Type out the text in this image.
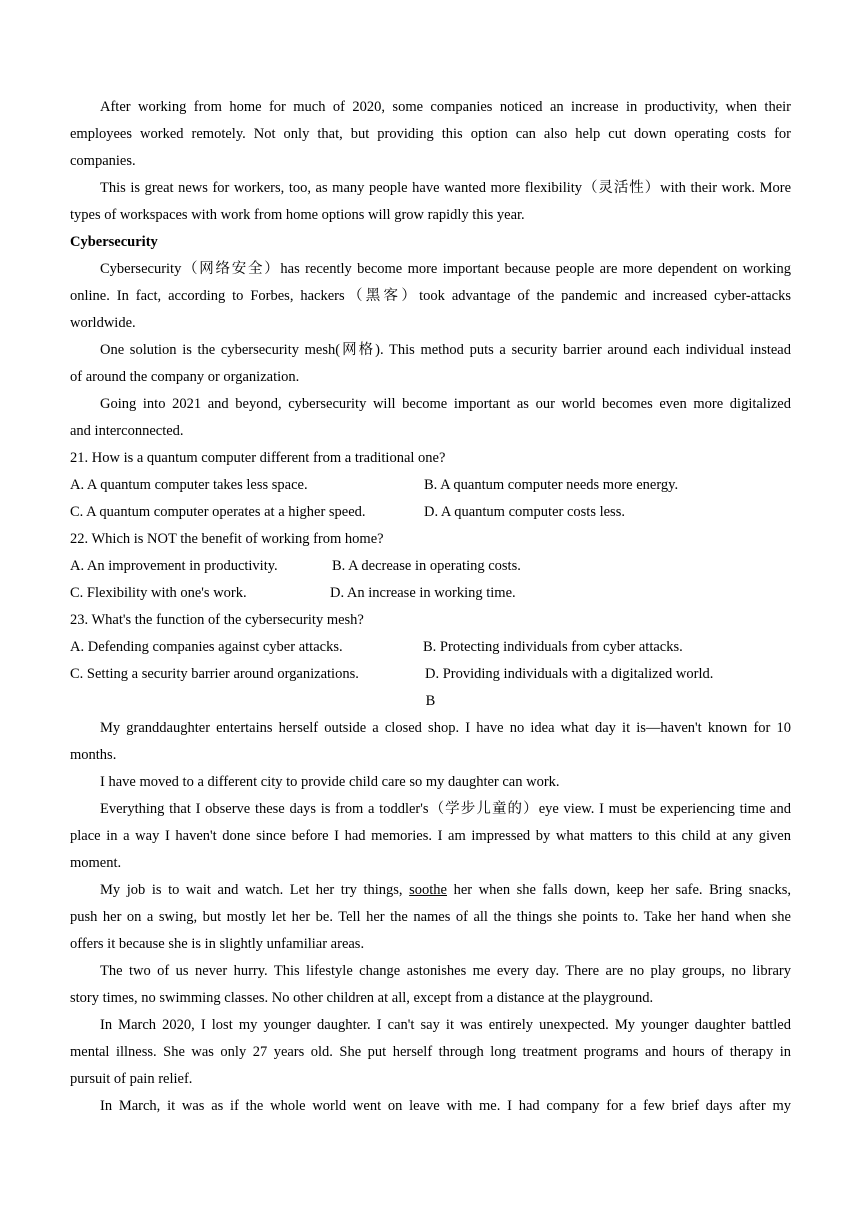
After working from home for much of 2020, some companies noticed an increase in productivity, when their
employees worked remotely. Not only that, but providing this option can also help cut down operating costs for
companies.
This is great news for workers, too, as many people have wanted more flexibility（灵活性）with their work. More
types of workspaces with work from home options will grow rapidly this year.
Cybersecurity
Cybersecurity（网络安全）has recently become more important because people are more dependent on working
online. In fact, according to Forbes, hackers（黑客）took advantage of the pandemic and increased cyber-attacks
worldwide.
One solution is the cybersecurity mesh(网格). This method puts a security barrier around each individual instead
of around the company or organization.
Going into 2021 and beyond, cybersecurity will become important as our world becomes even more digitalized
and interconnected.
21. How is a quantum computer different from a traditional one?
A. A quantum computer takes less space.	B. A quantum computer needs more energy.
C. A quantum computer operates at a higher speed.	D. A quantum computer costs less.
22. Which is NOT the benefit of working from home?
A. An improvement in productivity.	B. A decrease in operating costs.
C. Flexibility with one's work.	D. An increase in working time.
23. What's the function of the cybersecurity mesh?
A. Defending companies against cyber attacks.	B. Protecting individuals from cyber attacks.
C. Setting a security barrier around organizations.	D. Providing individuals with a digitalized world.
B
My granddaughter entertains herself outside a closed shop. I have no idea what day it is—haven't known for 10
months.
I have moved to a different city to provide child care so my daughter can work.
Everything that I observe these days is from a toddler's（学步儿童的）eye view. I must be experiencing time and
place in a way I haven't done since before I had memories. I am impressed by what matters to this child at any given
moment.
My job is to wait and watch. Let her try things, soothe her when she falls down, keep her safe. Bring snacks,
push her on a swing, but mostly let her be. Tell her the names of all the things she points to. Take her hand when she
offers it because she is in slightly unfamiliar areas.
The two of us never hurry. This lifestyle change astonishes me every day. There are no play groups, no library
story times, no swimming classes. No other children at all, except from a distance at the playground.
In March 2020, I lost my younger daughter. I can't say it was entirely unexpected. My younger daughter battled
mental illness. She was only 27 years old. She put herself through long treatment programs and hours of therapy in
pursuit of pain relief.
In March, it was as if the whole world went on leave with me. I had company for a few brief days after my
